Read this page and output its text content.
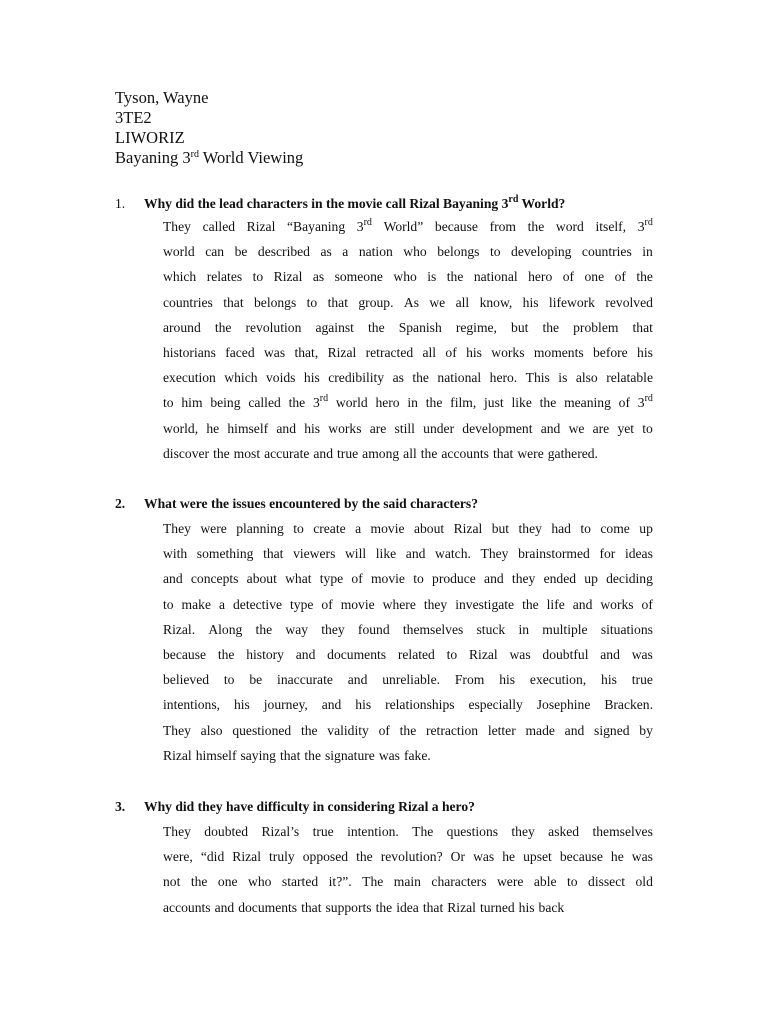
Tyson, Wayne
3TE2
LIWORIZ
Bayaning 3rd World Viewing
1. Why did the lead characters in the movie call Rizal Bayaning 3rd World?
They called Rizal “Bayaning 3rd World” because from the word itself, 3rd
world can be described as a nation who belongs to developing countries in
which relates to Rizal as someone who is the national hero of one of the
countries that belongs to that group. As we all know, his lifework revolved
around the revolution against the Spanish regime, but the problem that
historians faced was that, Rizal retracted all of his works moments before his
execution which voids his credibility as the national hero. This is also relatable
to him being called the 3rd world hero in the film, just like the meaning of 3rd
world, he himself and his works are still under development and we are yet to
discover the most accurate and true among all the accounts that were gathered.
2. What were the issues encountered by the said characters?
They were planning to create a movie about Rizal but they had to come up
with something that viewers will like and watch. They brainstormed for ideas
and concepts about what type of movie to produce and they ended up deciding
to make a detective type of movie where they investigate the life and works of
Rizal. Along the way they found themselves stuck in multiple situations
because the history and documents related to Rizal was doubtful and was
believed to be inaccurate and unreliable. From his execution, his true
intentions, his journey, and his relationships especially Josephine Bracken.
They also questioned the validity of the retraction letter made and signed by
Rizal himself saying that the signature was fake.
3. Why did they have difficulty in considering Rizal a hero?
They doubted Rizal’s true intention. The questions they asked themselves
were, “did Rizal truly opposed the revolution? Or was he upset because he was
not the one who started it?”. The main characters were able to dissect old
accounts and documents that supports the idea that Rizal turned his back
